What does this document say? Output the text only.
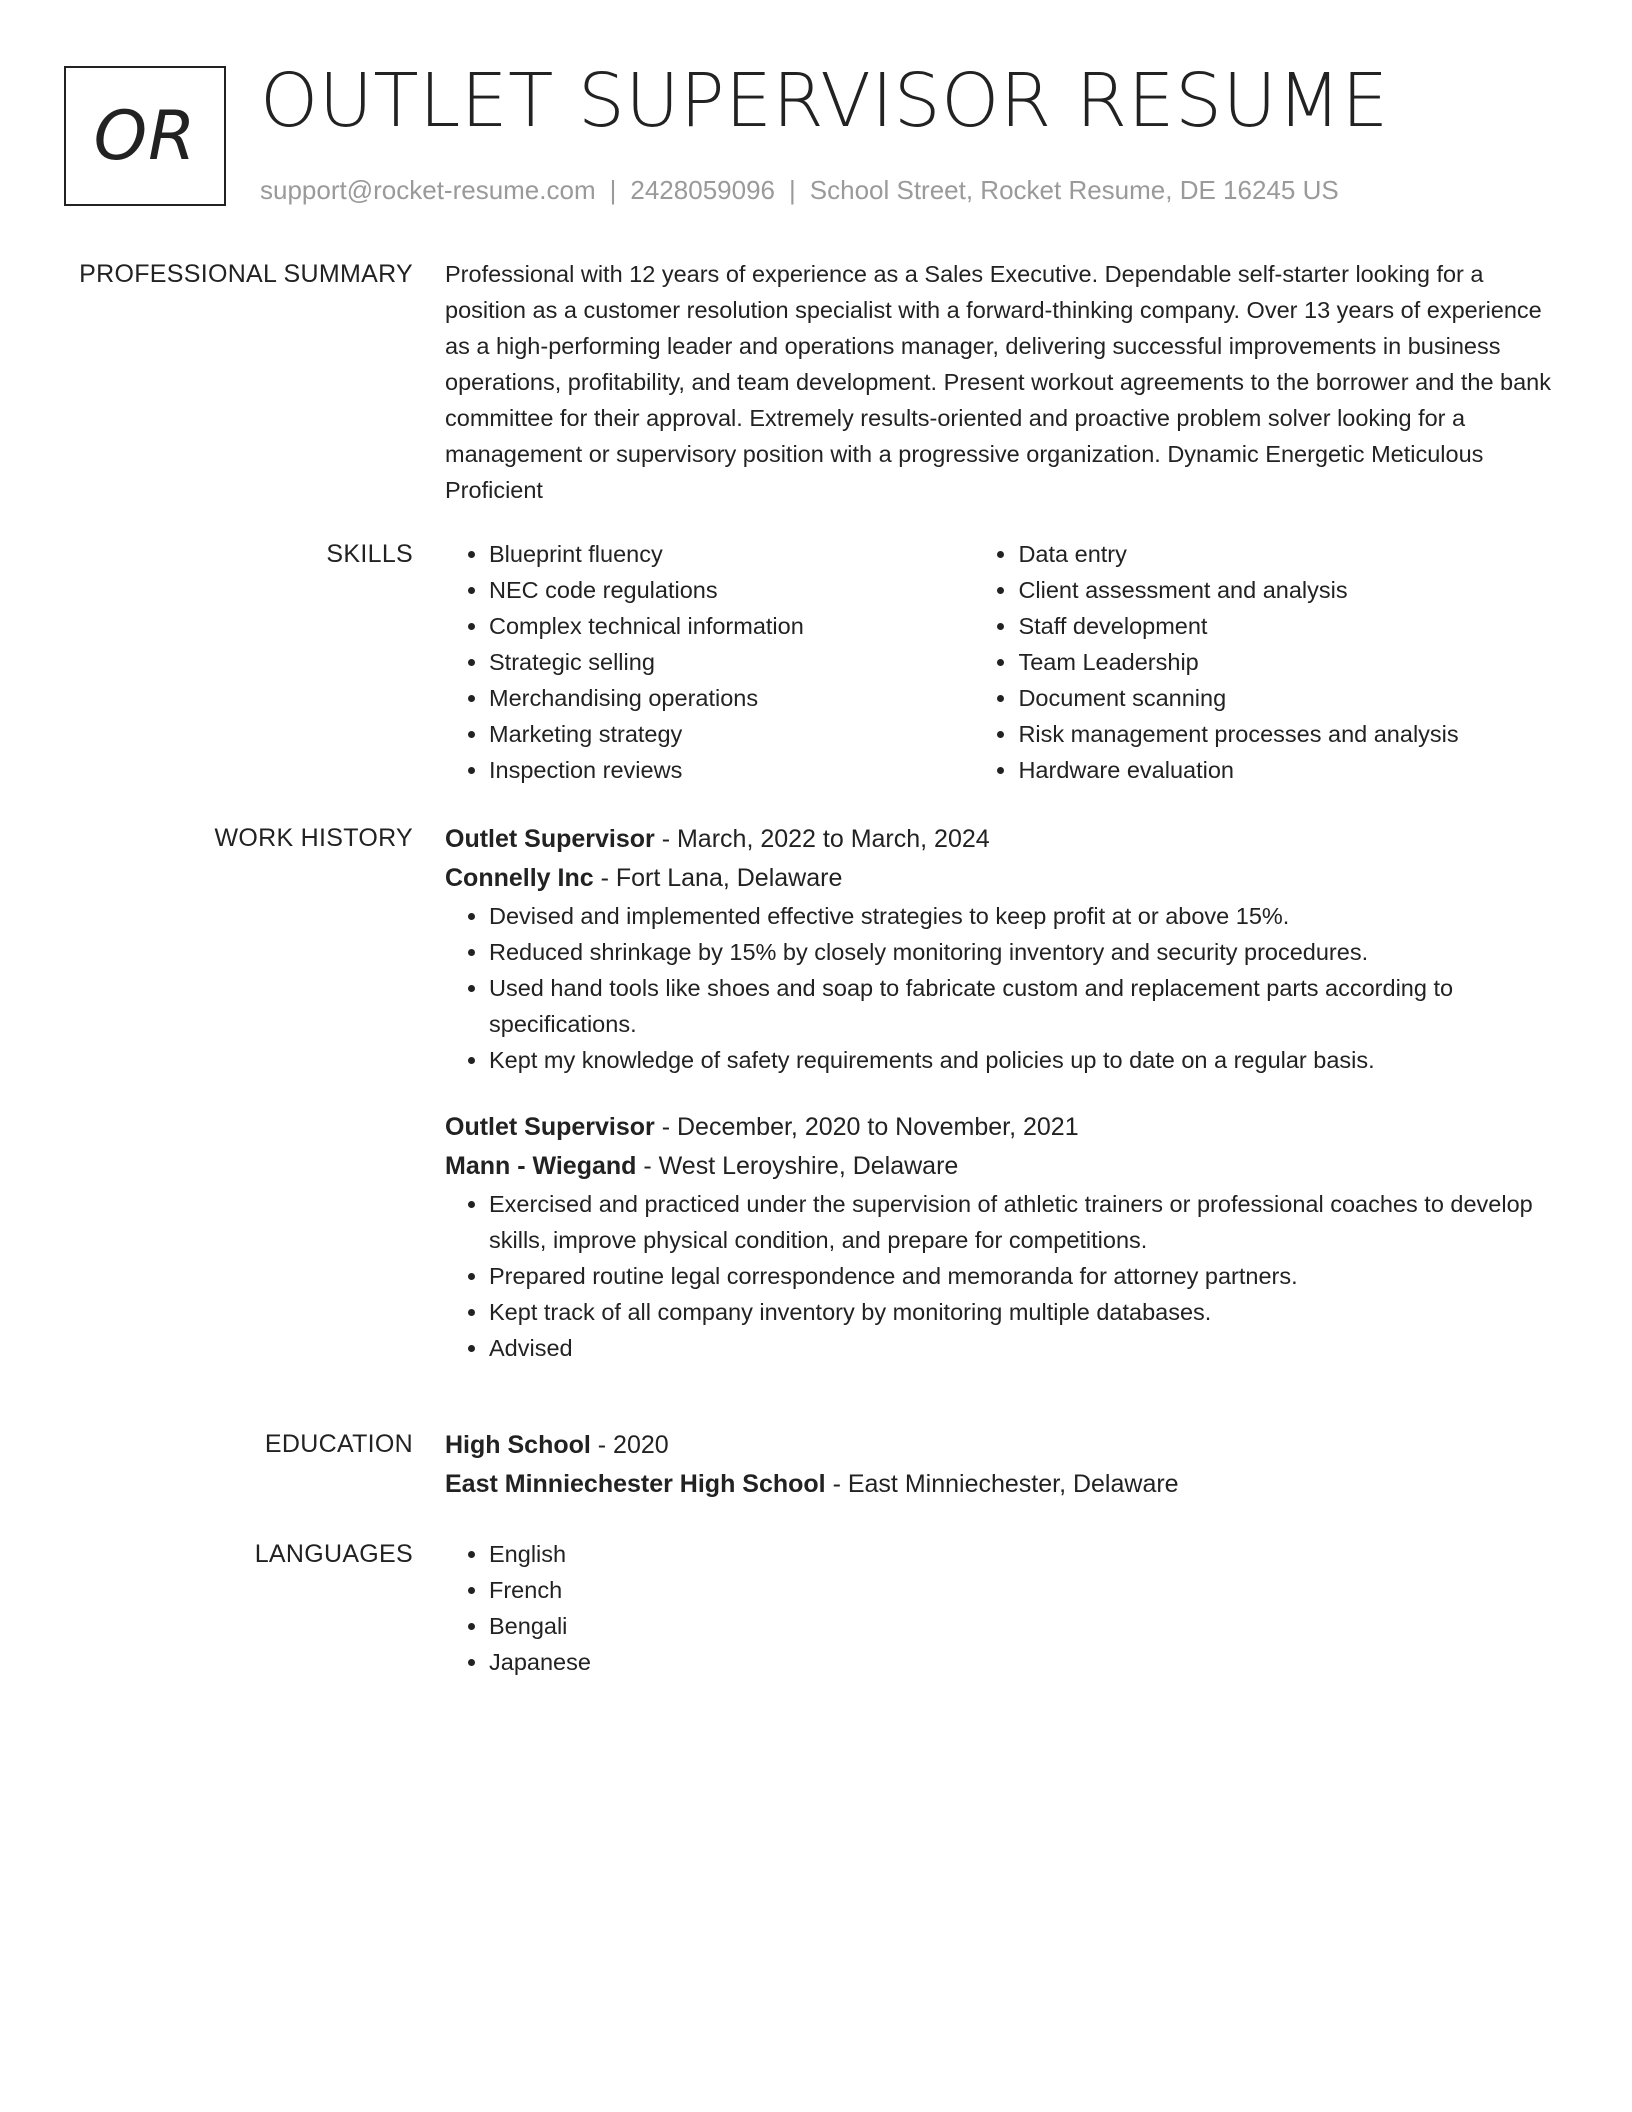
OR OUTLET SUPERVISOR RESUME
support@rocket-resume.com | 2428059096 | School Street, Rocket Resume, DE 16245 US
PROFESSIONAL SUMMARY Professional with 12 years of experience as a Sales Executive. Dependable self-starter looking for a position as a customer resolution specialist with a forward-thinking company. Over 13 years of experience as a high-performing leader and operations manager, delivering successful improvements in business operations, profitability, and team development. Present workout agreements to the borrower and the bank committee for their approval. Extremely results-oriented and proactive problem solver looking for a management or supervisory position with a progressive organization. Dynamic Energetic Meticulous Proficient

SKILLS	• Blueprint fluency
• NEC code regulations
• Complex technical information
• Strategic selling
• Merchandising operations
• Marketing strategy
• Inspection reviews
• Data entry
• Client assessment and analysis
• Staff development
• Team Leadership
• Document scanning
• Risk management processes and analysis
• Hardware evaluation
WORK HISTORY Outlet Supervisor - March, 2022 to March, 2024
Connelly Inc - Fort Lana, Delaware
• Devised and implemented effective strategies to keep profit at or above 15%.
• Reduced shrinkage by 15% by closely monitoring inventory and security procedures.
• Used hand tools like shoes and soap to fabricate custom and replacement parts according to specifications.
• Kept my knowledge of safety requirements and policies up to date on a regular basis.
Outlet Supervisor - December, 2020 to November, 2021
Mann - Wiegand - West Leroyshire, Delaware
• Exercised and practiced under the supervision of athletic trainers or professional coaches to develop skills, improve physical condition, and prepare for competitions.
• Prepared routine legal correspondence and memoranda for attorney partners.
• Kept track of all company inventory by monitoring multiple databases.
• Advised
EDUCATION High School - 2020
East Minniechester High School - East Minniechester, Delaware
LANGUAGES	• English
• French
• Bengali
• Japanese
